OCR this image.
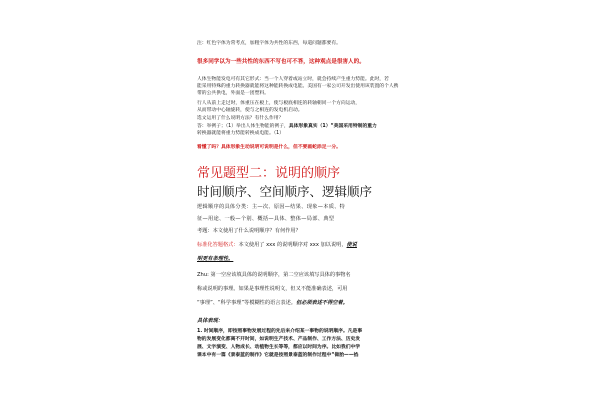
注：红色字体为常考点，加粗字体为共性的东西，每道问题都要有。
很多同学以为一些共性的东西不写也可不答，这种观点是很害人的。
人体生物能发电可有其它形式：当一个人穿着或站立时，就会持续产生重力势能。此时，若
能采用特殊的重力转换器就能将这种能转换成电能。美国有一家公司开发出使用该装置的个人携
带的公共供电，外面是一团塑料。
行人从前上走过时，体重压在板上，使与板底相连的转轴朝同一个方向运动，
从而带动中心轴旋转，使与之相连的发电机启动。
选文运用了什么说明方法？有什么作用？
答：举例子；（1）举出人体生物能的例子，具体形象真实（1）“美国采用特制的重力
转换器就能将重力势能转换成电能。（1）
看懂了吗？具体形象生动说明可说明是什么，但不要画蛇添足一分。
常见题型二：说明的顺序
时间顺序、空间顺序、逻辑顺序
逻辑顺序的具体分类：主—次、原因—结果、现象—本质、特
征—用途、一般—个别、概括—具体、整体—局部、典型
考题：本文使用了什么说明顺序？有何作用？
标准化答题格式：本文使用了 xxx 的说明顺序对 xxx 加以说明，使说
明更有条理性。
Zhu: 第一空应该填具体的说明顺序，第二空应该填写具体的事物名
称或说明的事理。如果是事理性说明文，但又不能准确表述，可用
“事理”、“科学事理”等模糊性的语言表述。但必须表述不得空着。
具体表现：
1. 时间顺序，即按照事物发展过程的先后来介绍某一事物的说明顺序。凡是事
物的发展变化都离不开时间，如说明生产技术、产品制作、工作方法、历史发
展、文字演变、人物成长、动植物生长等等，都应以时间为序。比如我们中学
课本中有一篇《景泰蓝的制作》它就是按照景泰蓝的制作过程中“做胎——掐
